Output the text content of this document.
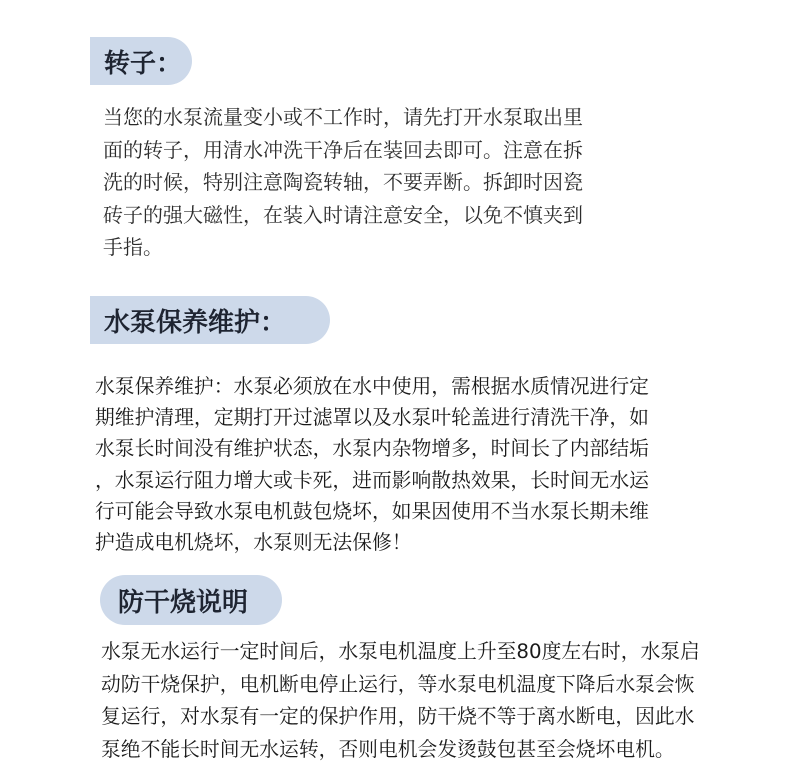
转子：

当您的水泵流量变小或不工作时，请先打开水泵取出里
面的转子，用清水冲洗干净后在装回去即可。注意在拆
洗的时候，特别注意陶瓷转轴，不要弄断。拆卸时因瓷
砖子的强大磁性，在装入时请注意安全，以免不慎夹到
手指。

水泵保养维护：

水泵保养维护：水泵必须放在水中使用，需根据水质情况进行定
期维护清理，定期打开过滤罩以及水泵叶轮盖进行清洗干净，如
水泵长时间没有维护状态，水泵内杂物增多，时间长了内部结垢
，水泵运行阻力增大或卡死，进而影响散热效果，长时间无水运
行可能会导致水泵电机鼓包烧坏，如果因使用不当水泵长期未维
护造成电机烧坏，水泵则无法保修！

防干烧说明

水泵无水运行一定时间后，水泵电机温度上升至80度左右时，水泵启
动防干烧保护，电机断电停止运行，等水泵电机温度下降后水泵会恢
复运行，对水泵有一定的保护作用，防干烧不等于离水断电，因此水
泵绝不能长时间无水运转，否则电机会发烫鼓包甚至会烧坏电机。
